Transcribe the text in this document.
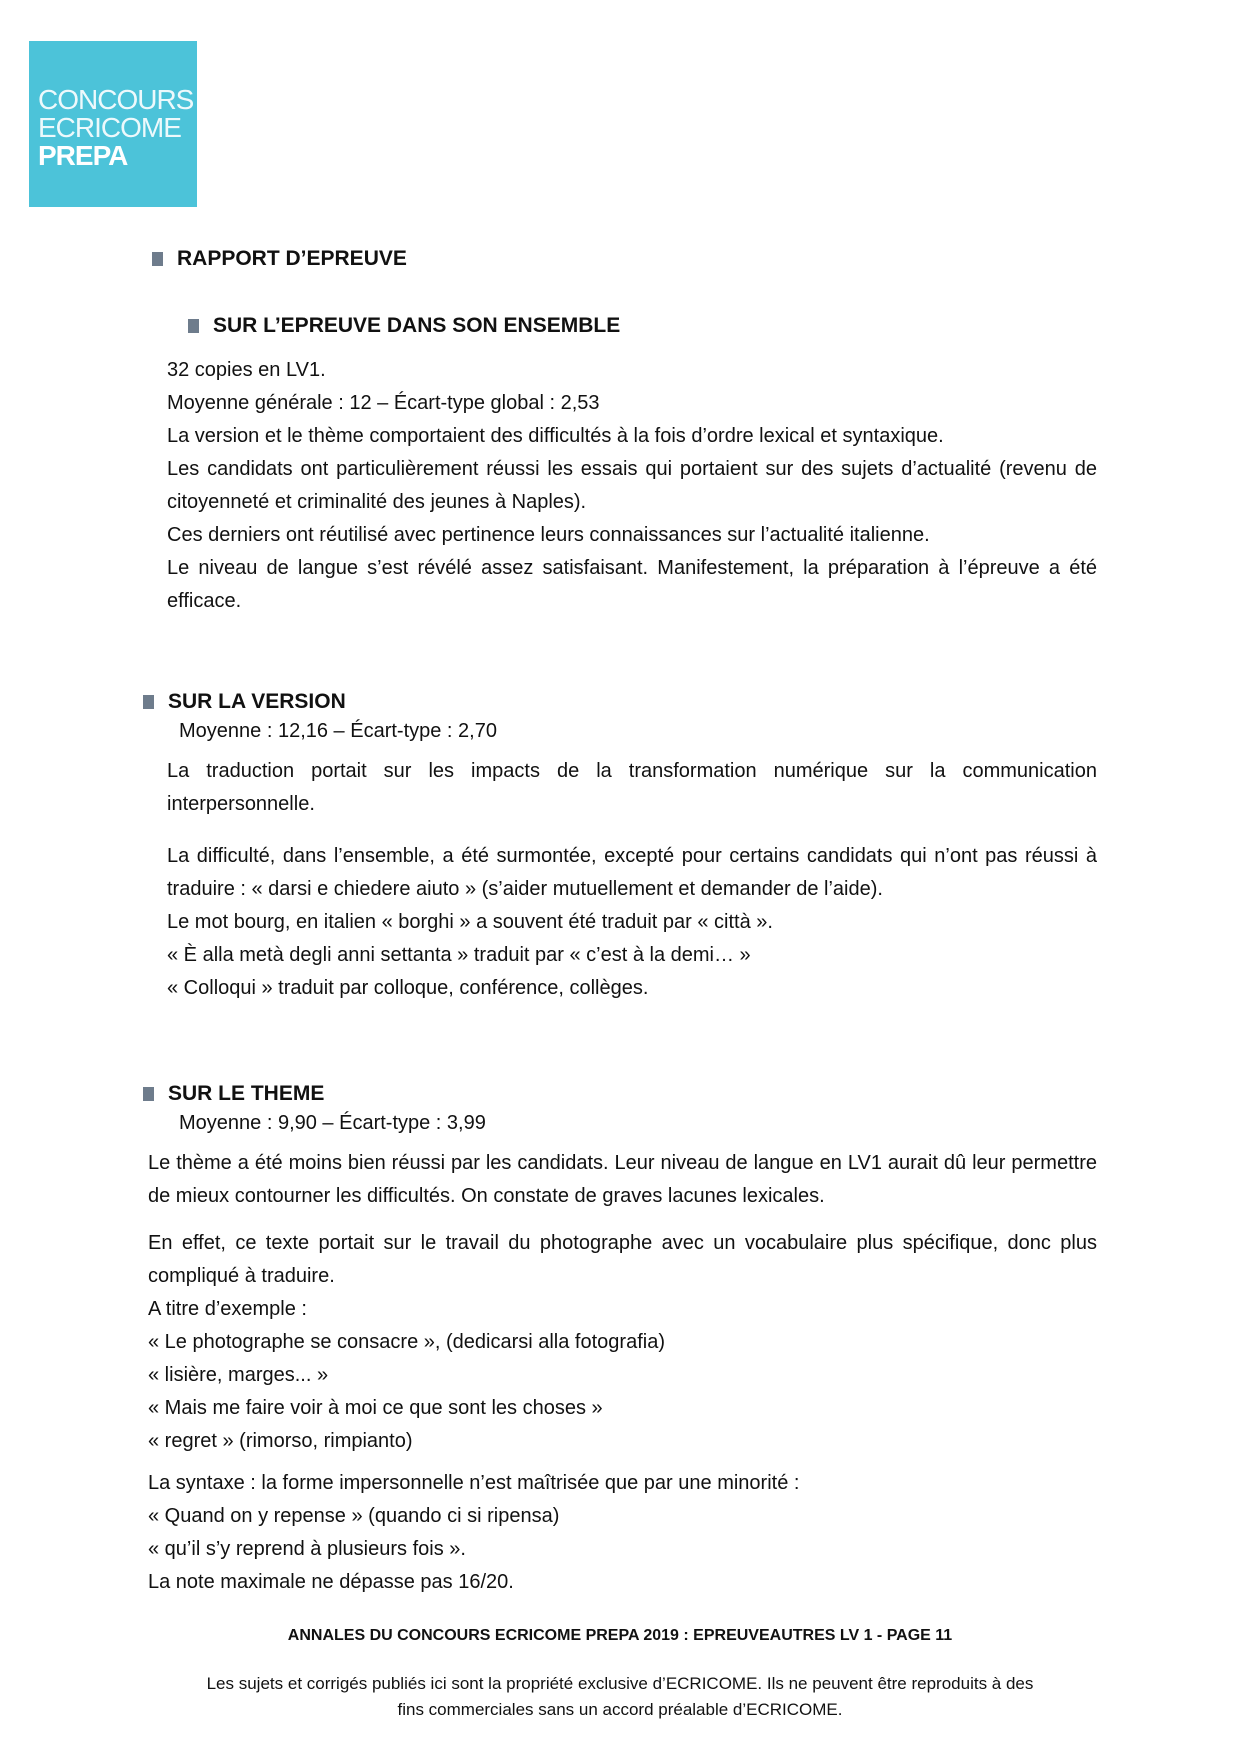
CONCOURS
ECRICOME
PREPA
RAPPORT D’EPREUVE
SUR L’EPREUVE DANS SON ENSEMBLE
32 copies en LV1.
Moyenne générale : 12 – Écart-type global : 2,53
La version et le thème comportaient des difficultés à la fois d’ordre lexical et syntaxique.

Les candidats ont particulièrement réussi les essais qui portaient sur des sujets d’actualité (revenu de citoyenneté et criminalité des jeunes à Naples).

Ces derniers ont réutilisé avec pertinence leurs connaissances sur l’actualité italienne.

Le niveau de langue s’est révélé assez satisfaisant. Manifestement, la préparation à l’épreuve a été efficace.

SUR LA VERSION
Moyenne : 12,16 – Écart-type : 2,70
La traduction portait sur les impacts de la transformation numérique sur la communication interpersonnelle.
La difficulté, dans l’ensemble, a été surmontée, excepté pour certains candidats qui n’ont pas réussi à traduire : « darsi e chiedere aiuto » (s’aider mutuellement et demander de l’aide).
Le mot bourg, en italien « borghi » a souvent été traduit par « città ».
« È alla metà degli anni settanta » traduit par « c’est à la demi… »
« Colloqui » traduit par colloque, conférence, collèges.
SUR LE THEME
Moyenne : 9,90 – Écart-type : 3,99
Le thème a été moins bien réussi par les candidats. Leur niveau de langue en LV1 aurait dû leur permettre de mieux contourner les difficultés. On constate de graves lacunes lexicales.
En effet, ce texte portait sur le travail du photographe avec un vocabulaire plus spécifique, donc plus compliqué à traduire.
A titre d’exemple :
« Le photographe se consacre », (dedicarsi alla fotografia)
« lisière, marges... »
« Mais me faire voir à moi ce que sont les choses »
« regret » (rimorso, rimpianto)
La syntaxe : la forme impersonnelle n’est maîtrisée que par une minorité :
« Quand on y repense » (quando ci si ripensa)
« qu’il s’y reprend à plusieurs fois ».
La note maximale ne dépasse pas 16/20.
ANNALES DU CONCOURS ECRICOME PREPA 2019 : EPREUVEAUTRES LV 1 - PAGE 11
Les sujets et corrigés publiés ici sont la propriété exclusive d’ECRICOME. Ils ne peuvent être reproduits à des
fins commerciales sans un accord préalable d’ECRICOME.
